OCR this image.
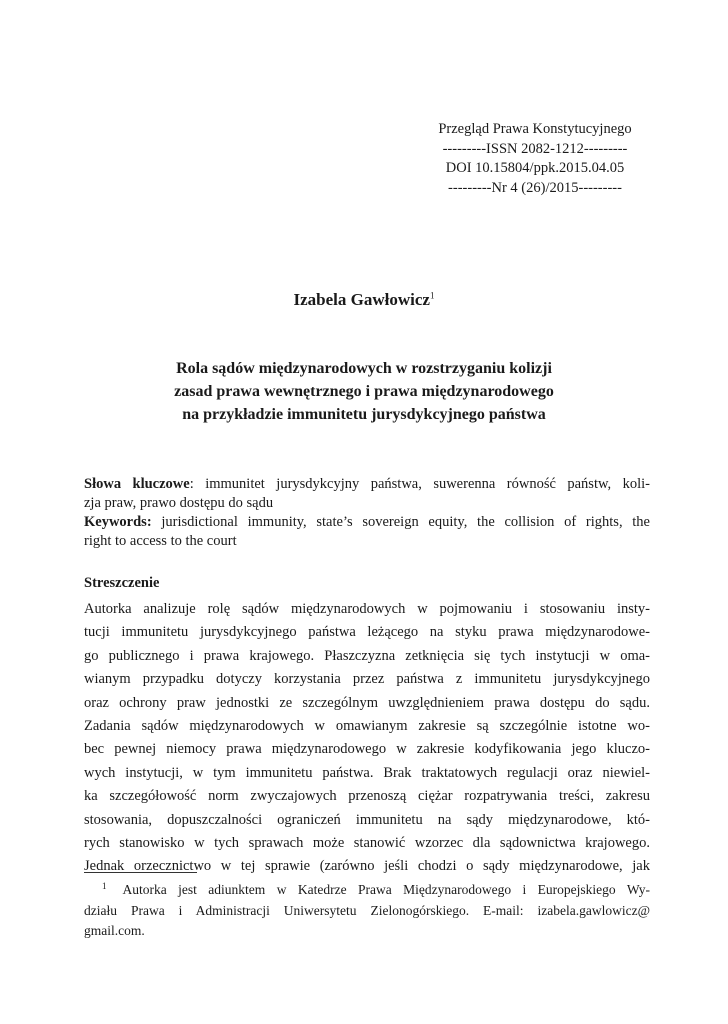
Przegląd Prawa Konstytucyjnego
---------ISSN 2082-1212---------
DOI 10.15804/ppk.2015.04.05
---------Nr 4 (26)/2015---------
Izabela Gawłowicz$^1$
Rola sądów międzynarodowych w rozstrzyganiu kolizji
zasad prawa wewnętrznego i prawa międzynarodowego
na przykładzie immunitetu jurysdykcyjnego państwa
Słowa kluczowe: immunitet jurysdykcyjny państwa, suwerenna równość państw, koli-
zja praw, prawo dostępu do sądu
Keywords: jurisdictional immunity, state’s sovereign equity, the collision of rights, the
right to access to the court
Streszczenie
Autorka analizuje rolę sądów międzynarodowych w pojmowaniu i stosowaniu insty-
tucji immunitetu jurysdykcyjnego państwa leżącego na styku prawa międzynarodowe-
go publicznego i prawa krajowego. Płaszczyzna zetknięcia się tych instytucji w oma-
wianym przypadku dotyczy korzystania przez państwa z immunitetu jurysdykcyjnego
oraz ochrony praw jednostki ze szczególnym uwzględnieniem prawa dostępu do sądu.
Zadania sądów międzynarodowych w omawianym zakresie są szczególnie istotne wo-
bec pewnej niemocy prawa międzynarodowego w zakresie kodyfikowania jego kluczo-
wych instytucji, w tym immunitetu państwa. Brak traktatowych regulacji oraz niewiel-
ka szczegółowość norm zwyczajowych przenoszą ciężar rozpatrywania treści, zakresu
stosowania, dopuszczalności ograniczeń immunitetu na sądy międzynarodowe, któ-
rych stanowisko w tych sprawach może stanowić wzorzec dla sądownictwa krajowego.
Jednak orzecznictwo w tej sprawie (zarówno jeśli chodzi o sądy międzynarodowe, jak
$^1$ Autorka jest adiunktem w Katedrze Prawa Międzynarodowego i Europejskiego Wy-
działu Prawa i Administracji Uniwersytetu Zielonogórskiego. E-mail: izabela.gawlowicz@
gmail.com.
